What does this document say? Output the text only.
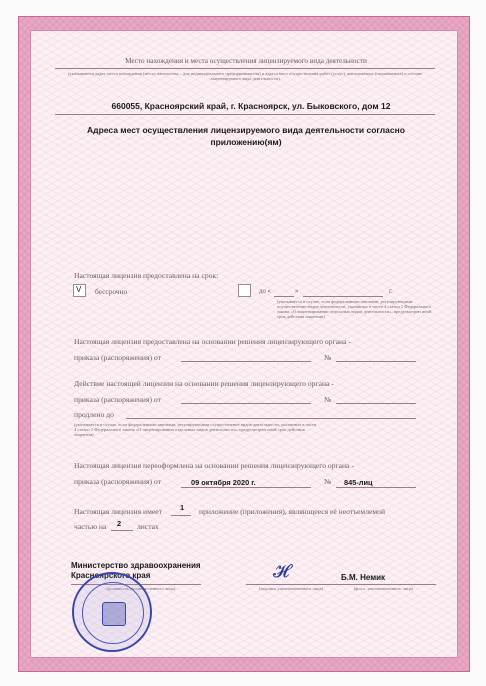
Место нахождения и места осуществления лицензируемого вида деятельности
(указываются адрес места нахождения (места жительства – для индивидуального предпринимателя) и адреса мест осуществления работ (услуг), выполняемых (оказываемых) в составе лицензируемого вида деятельности)
660055, Красноярский край, г. Красноярск, ул. Быковского, дом 12
Адреса мест осуществления лицензируемого вида деятельности согласно приложению(ям)
Настоящая лицензия предоставлена на срок:
V бессрочно	до «	»	г.
(указывается в случае, если федеральными законами, регулирующими осуществление видов деятельности, указанных в части 4 статьи 1 Федерального закона «О лицензировании отдельных видов деятельности», предусмотрен иной срок действия лицензии)
Настоящая лицензия предоставлена на основании решения лицензирующего органа -
приказа (распоряжения) от	№
Действие настоящей лицензии на основании решения лицензирующего органа -
приказа (распоряжения) от	№
продлено до
(указывается в случае, если федеральными законами, регулирующими осуществление видов деятельности, указанных в части 4 статьи 1 Федерального закона «О лицензировании отдельных видов деятельности», предусмотрен иной срок действия лицензии)
Настоящая лицензия переоформлена на основании решения лицензирующего органа -
приказа (распоряжения) от	09 октября 2020 г.	№ 845-лиц
Настоящая лицензия имеет 1 приложение (приложения), являющееся её неотъемлемой
частью на 2 листах
Министерство здравоохранения
Красноярского края
(должность уполномоченного лица)
𝓗
(подпись уполномоченного лица)
Б.М. Немик
(ф.и.о. уполномоченного лица)
